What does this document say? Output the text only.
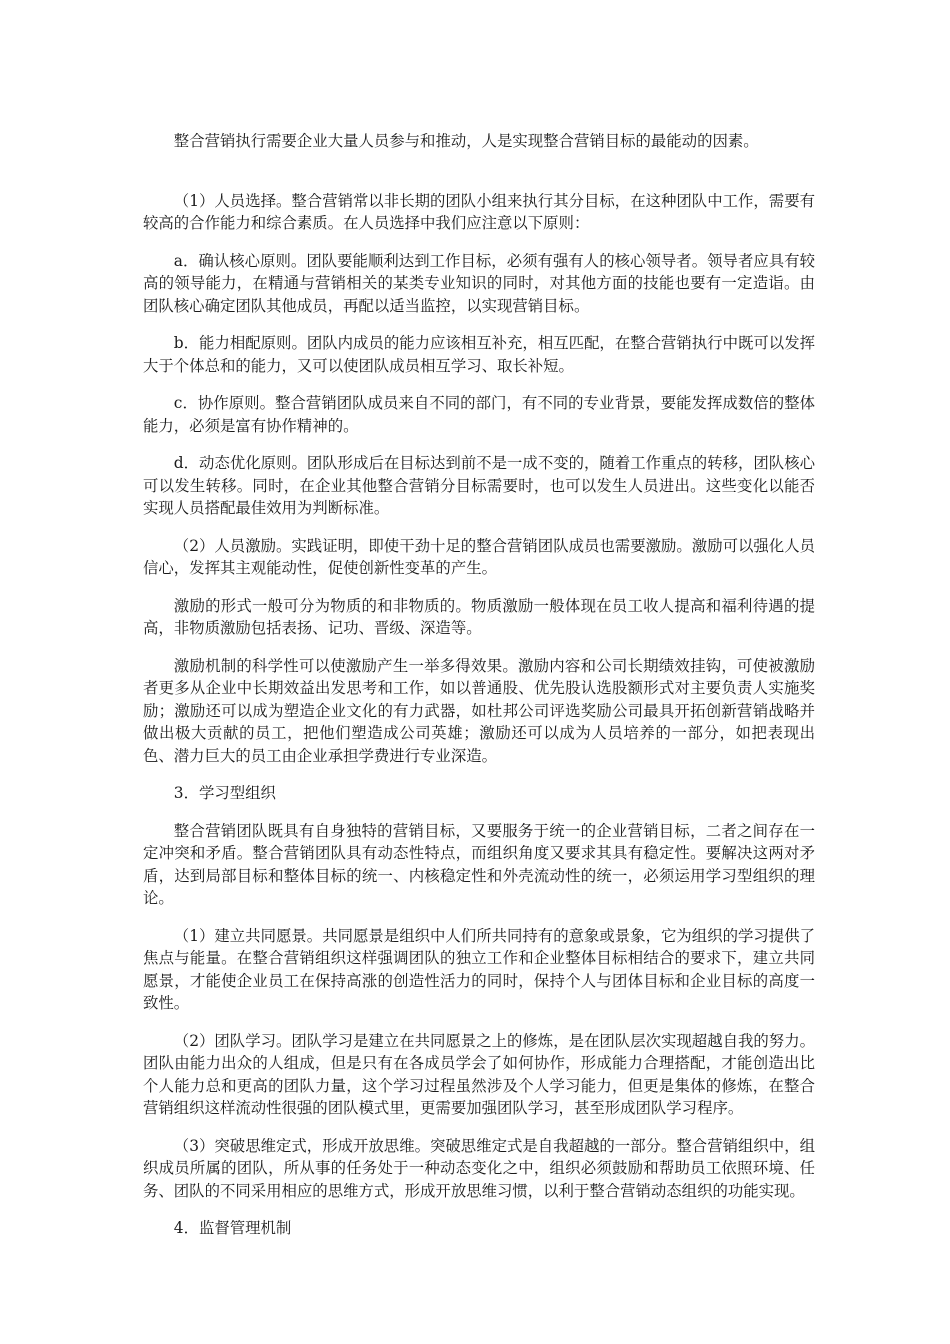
整合营销执行需要企业大量人员参与和推动，人是实现整合营销目标的最能动的因素。

（1）人员选择。整合营销常以非长期的团队小组来执行其分目标，在这种团队中工作，需要有较高的合作能力和综合素质。在人员选择中我们应注意以下原则：

a．确认核心原则。团队要能顺利达到工作目标，必须有强有人的核心领导者。领导者应具有较高的领导能力，在精通与营销相关的某类专业知识的同时，对其他方面的技能也要有一定造诣。由团队核心确定团队其他成员，再配以适当监控，以实现营销目标。

b．能力相配原则。团队内成员的能力应该相互补充，相互匹配，在整合营销执行中既可以发挥大于个体总和的能力，又可以使团队成员相互学习、取长补短。

c．协作原则。整合营销团队成员来自不同的部门，有不同的专业背景，要能发挥成数倍的整体能力，必须是富有协作精神的。

d．动态优化原则。团队形成后在目标达到前不是一成不变的，随着工作重点的转移，团队核心可以发生转移。同时，在企业其他整合营销分目标需要时，也可以发生人员进出。这些变化以能否实现人员搭配最佳效用为判断标准。

（2）人员激励。实践证明，即使干劲十足的整合营销团队成员也需要激励。激励可以强化人员信心，发挥其主观能动性，促使创新性变革的产生。

激励的形式一般可分为物质的和非物质的。物质激励一般体现在员工收人提高和福利待遇的提高，非物质激励包括表扬、记功、晋级、深造等。

激励机制的科学性可以使激励产生一举多得效果。激励内容和公司长期绩效挂钩，可使被激励者更多从企业中长期效益出发思考和工作，如以普通股、优先股认选股额形式对主要负责人实施奖励；激励还可以成为塑造企业文化的有力武器，如杜邦公司评选奖励公司最具开拓创新营销战略并做出极大贡献的员工，把他们塑造成公司英雄；激励还可以成为人员培养的一部分，如把表现出色、潜力巨大的员工由企业承担学费进行专业深造。

3．学习型组织

整合营销团队既具有自身独特的营销目标，又要服务于统一的企业营销目标，二者之间存在一定冲突和矛盾。整合营销团队具有动态性特点，而组织角度又要求其具有稳定性。要解决这两对矛盾，达到局部目标和整体目标的统一、内核稳定性和外壳流动性的统一，必须运用学习型组织的理论。

（1）建立共同愿景。共同愿景是组织中人们所共同持有的意象或景象，它为组织的学习提供了焦点与能量。在整合营销组织这样强调团队的独立工作和企业整体目标相结合的要求下，建立共同愿景，才能使企业员工在保持高涨的创造性活力的同时，保持个人与团体目标和企业目标的高度一致性。

（2）团队学习。团队学习是建立在共同愿景之上的修炼，是在团队层次实现超越自我的努力。团队由能力出众的人组成，但是只有在各成员学会了如何协作，形成能力合理搭配，才能创造出比个人能力总和更高的团队力量，这个学习过程虽然涉及个人学习能力，但更是集体的修炼，在整合营销组织这样流动性很强的团队模式里，更需要加强团队学习，甚至形成团队学习程序。

（3）突破思维定式，形成开放思维。突破思维定式是自我超越的一部分。整合营销组织中，组织成员所属的团队，所从事的任务处于一种动态变化之中，组织必须鼓励和帮助员工依照环境、任务、团队的不同采用相应的思维方式，形成开放思维习惯，以利于整合营销动态组织的功能实现。

4．监督管理机制
